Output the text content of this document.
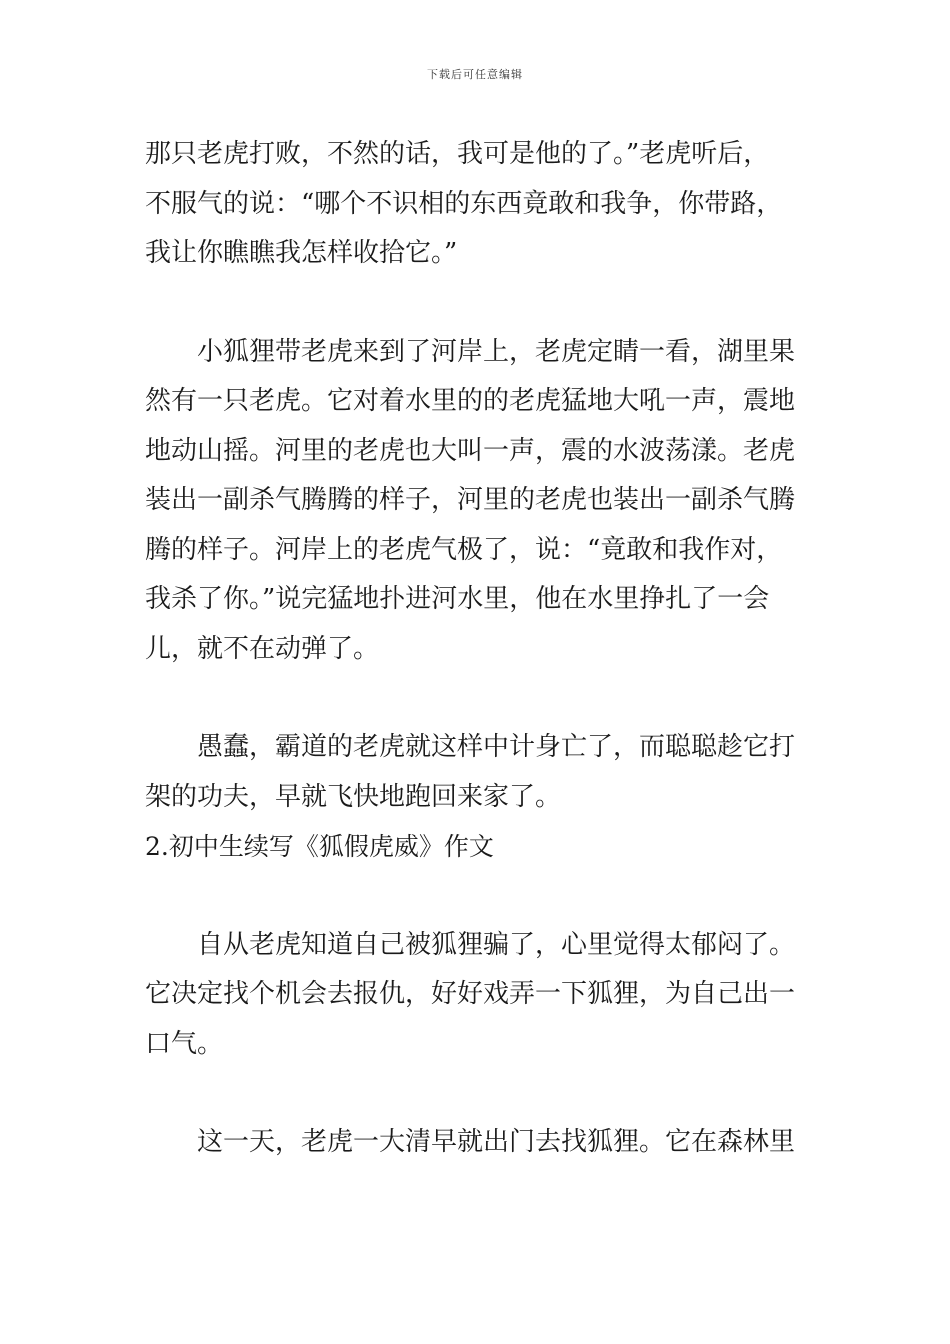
下载后可任意编辑

那只老虎打败，不然的话，我可是他的了。”老虎听后，
不服气的说：“哪个不识相的东西竟敢和我争，你带路，
我让你瞧瞧我怎样收拾它。”

小狐狸带老虎来到了河岸上，老虎定睛一看，湖里果
然有一只老虎。它对着水里的的老虎猛地大吼一声，震地
地动山摇。河里的老虎也大叫一声，震的水波荡漾。老虎
装出一副杀气腾腾的样子，河里的老虎也装出一副杀气腾
腾的样子。河岸上的老虎气极了，说：“竟敢和我作对，
我杀了你。”说完猛地扑进河水里，他在水里挣扎了一会
儿，就不在动弹了。

愚蠢，霸道的老虎就这样中计身亡了，而聪聪趁它打
架的功夫，早就飞快地跑回来家了。

2.初中生续写《狐假虎威》作文

自从老虎知道自己被狐狸骗了，心里觉得太郁闷了。
它决定找个机会去报仇，好好戏弄一下狐狸，为自己出一
口气。

这一天，老虎一大清早就出门去找狐狸。它在森林里
